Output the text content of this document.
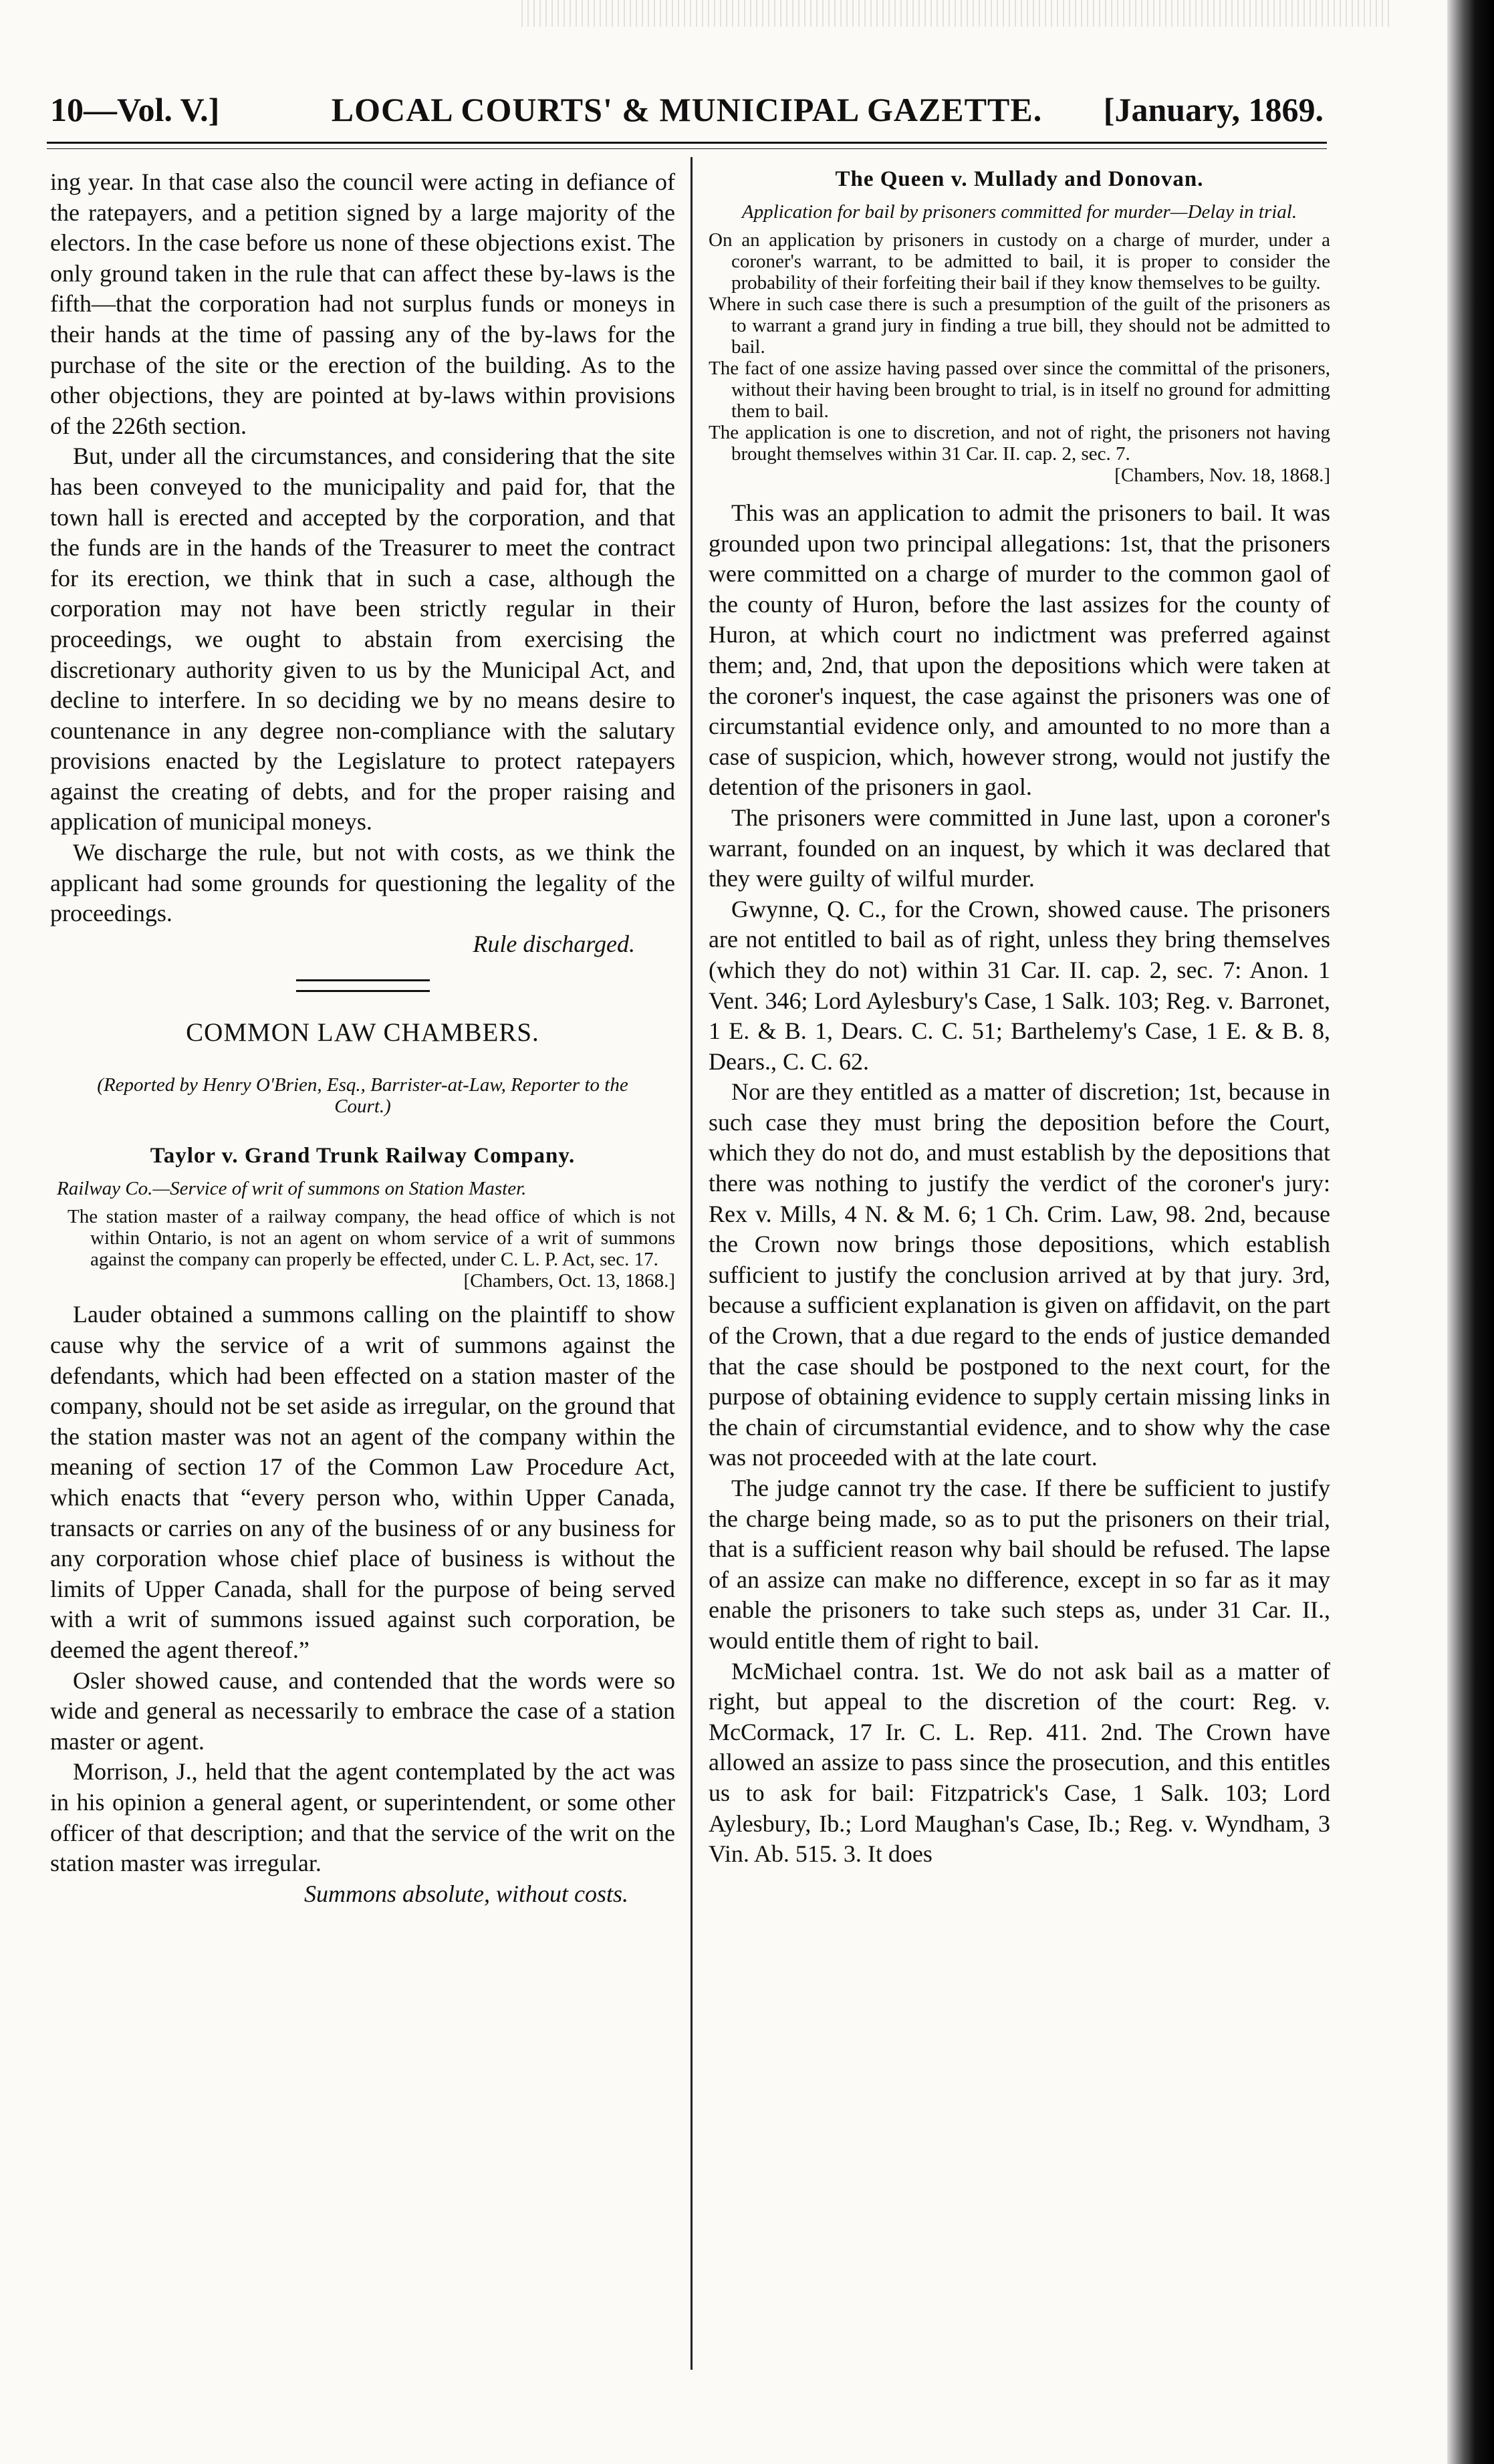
10—Vol. V.]	LOCAL COURTS' & MUNICIPAL GAZETTE.	[January, 1869.

ing year. In that case also the council were acting in defiance of the ratepayers, and a petition signed by a large majority of the electors. In the case before us none of these objections exist. The only ground taken in the rule that can affect these by-laws is the fifth—that the corporation had not surplus funds or moneys in their hands at the time of passing any of the by-laws for the purchase of the site or the erection of the building. As to the other objections, they are pointed at by-laws within provisions of the 226th section.

But, under all the circumstances, and considering that the site has been conveyed to the municipality and paid for, that the town hall is erected and accepted by the corporation, and that the funds are in the hands of the Treasurer to meet the contract for its erection, we think that in such a case, although the corporation may not have been strictly regular in their proceedings, we ought to abstain from exercising the discretionary authority given to us by the Municipal Act, and decline to interfere. In so deciding we by no means desire to countenance in any degree non-compliance with the salutary provisions enacted by the Legislature to protect ratepayers against the creating of debts, and for the proper raising and application of municipal moneys.

We discharge the rule, but not with costs, as we think the applicant had some grounds for questioning the legality of the proceedings.

Rule discharged.

COMMON LAW CHAMBERS.

(Reported by Henry O'Brien, Esq., Barrister-at-Law, Reporter to the Court.)

Taylor v. Grand Trunk Railway Company.

Railway Co.—Service of writ of summons on Station Master.

The station master of a railway company, the head office of which is not within Ontario, is not an agent on whom service of a writ of summons against the company can properly be effected, under C. L. P. Act, sec. 17.

[Chambers, Oct. 13, 1868.]

Lauder obtained a summons calling on the plaintiff to show cause why the service of a writ of summons against the defendants, which had been effected on a station master of the company, should not be set aside as irregular, on the ground that the station master was not an agent of the company within the meaning of section 17 of the Common Law Procedure Act, which enacts that “every person who, within Upper Canada, transacts or carries on any of the business of or any business for any corporation whose chief place of business is without the limits of Upper Canada, shall for the purpose of being served with a writ of summons issued against such corporation, be deemed the agent thereof.”

Osler showed cause, and contended that the words were so wide and general as necessarily to embrace the case of a station master or agent.

Morrison, J., held that the agent contemplated by the act was in his opinion a general agent, or superintendent, or some other officer of that description; and that the service of the writ on the station master was irregular.

Summons absolute, without costs.

The Queen v. Mullady and Donovan.

Application for bail by prisoners committed for murder—Delay in trial.

On an application by prisoners in custody on a charge of murder, under a coroner's warrant, to be admitted to bail, it is proper to consider the probability of their forfeiting their bail if they know themselves to be guilty.

Where in such case there is such a presumption of the guilt of the prisoners as to warrant a grand jury in finding a true bill, they should not be admitted to bail.

The fact of one assize having passed over since the committal of the prisoners, without their having been brought to trial, is in itself no ground for admitting them to bail.

The application is one to discretion, and not of right, the prisoners not having brought themselves within 31 Car. II. cap. 2, sec. 7.

[Chambers, Nov. 18, 1868.]

This was an application to admit the prisoners to bail. It was grounded upon two principal allegations: 1st, that the prisoners were committed on a charge of murder to the common gaol of the county of Huron, before the last assizes for the county of Huron, at which court no indictment was preferred against them; and, 2nd, that upon the depositions which were taken at the coroner's inquest, the case against the prisoners was one of circumstantial evidence only, and amounted to no more than a case of suspicion, which, however strong, would not justify the detention of the prisoners in gaol.

The prisoners were committed in June last, upon a coroner's warrant, founded on an inquest, by which it was declared that they were guilty of wilful murder.

Gwynne, Q. C., for the Crown, showed cause. The prisoners are not entitled to bail as of right, unless they bring themselves (which they do not) within 31 Car. II. cap. 2, sec. 7: Anon. 1 Vent. 346; Lord Aylesbury's Case, 1 Salk. 103; Reg. v. Barronet, 1 E. & B. 1, Dears. C. C. 51; Barthelemy's Case, 1 E. & B. 8, Dears., C. C. 62.

Nor are they entitled as a matter of discretion; 1st, because in such case they must bring the deposition before the Court, which they do not do, and must establish by the depositions that there was nothing to justify the verdict of the coroner's jury: Rex v. Mills, 4 N. & M. 6; 1 Ch. Crim. Law, 98. 2nd, because the Crown now brings those depositions, which establish sufficient to justify the conclusion arrived at by that jury. 3rd, because a sufficient explanation is given on affidavit, on the part of the Crown, that a due regard to the ends of justice demanded that the case should be postponed to the next court, for the purpose of obtaining evidence to supply certain missing links in the chain of circumstantial evidence, and to show why the case was not proceeded with at the late court.

The judge cannot try the case. If there be sufficient to justify the charge being made, so as to put the prisoners on their trial, that is a sufficient reason why bail should be refused. The lapse of an assize can make no difference, except in so far as it may enable the prisoners to take such steps as, under 31 Car. II., would entitle them of right to bail.

McMichael contra. 1st. We do not ask bail as a matter of right, but appeal to the discretion of the court: Reg. v. McCormack, 17 Ir. C. L. Rep. 411. 2nd. The Crown have allowed an assize to pass since the prosecution, and this entitles us to ask for bail: Fitzpatrick's Case, 1 Salk. 103; Lord Aylesbury, Ib.; Lord Maughan's Case, Ib.; Reg. v. Wyndham, 3 Vin. Ab. 515. 3. It does
